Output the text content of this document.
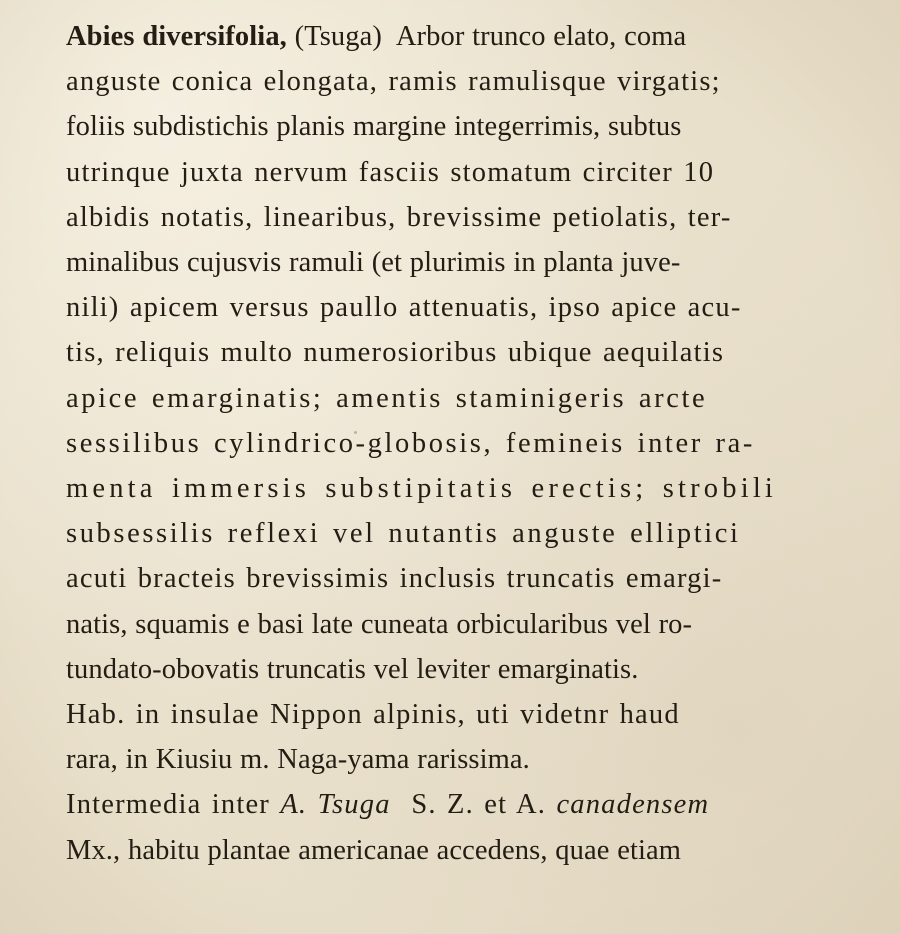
Abies diversifolia, (Tsuga)  Arbor trunco elato, coma
anguste conica elongata, ramis ramulisque virgatis;
foliis subdistichis planis margine integerrimis, subtus
utrinque juxta nervum fasciis stomatum circiter 10
albidis notatis, linearibus, brevissime petiolatis, ter-
minalibus cujusvis ramuli (et plurimis in planta juve-
nili) apicem versus paullo attenuatis, ipso apice acu-
tis, reliquis multo numerosioribus ubique aequilatis
apice emarginatis; amentis staminigeris arcte
sessilibus cylindrico-globosis, femineis inter ra-
menta immersis substipitatis erectis; strobili
subsessilis reflexi vel nutantis anguste elliptici
acuti bracteis brevissimis inclusis truncatis emargi-
natis, squamis e basi late cuneata orbicularibus vel ro-
tundato-obovatis truncatis vel leviter emarginatis.

Hab. in insulae Nippon alpinis, uti videtnr haud
rara, in Kiusiu m. Naga-yama rarissima.

Intermedia inter A. Tsuga S. Z. et A. canadensem
Mx., habitu plantae americanae accedens, quae etiam
